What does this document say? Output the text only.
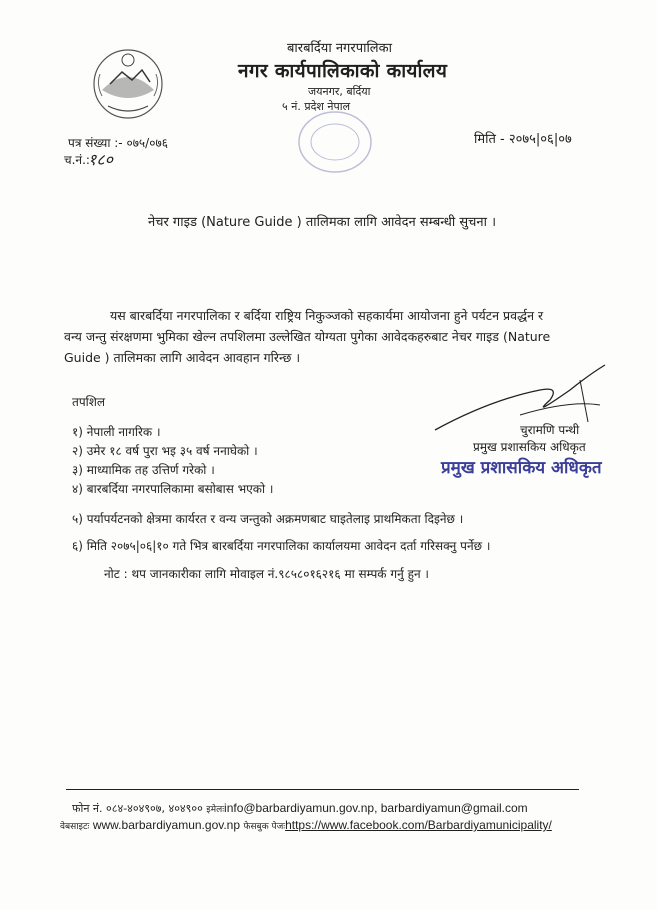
बारबर्दिया नगरपालिका
नगर कार्यपालिकाको कार्यालय
जयनगर, बर्दिया
५ नं. प्रदेश नेपाल
पत्र संख्या :- ०७५/०७६
च.नं.:
१८०
मिति - २०७५|०६|०७
नेचर गाइड (Nature Guide ) तालिमका लागि आवेदन सम्बन्धी सुचना ।
यस बारबर्दिया नगरपालिका र बर्दिया राष्ट्रिय निकुञ्जको सहकार्यमा आयोजना हुने पर्यटन प्रवर्द्धन र
वन्य जन्तु संरक्षणमा भुमिका खेल्न तपशिलमा उल्लेखित योग्यता पुगेका आवेदकहरुबाट नेचर गाइड (Nature
Guide ) तालिमका लागि आवेदन आवहान गरिन्छ ।
तपशिल
१) नेपाली नागरिक ।
२) उमेर १८ वर्ष पुरा भइ ३५ वर्ष ननाघेको ।
३) माध्यामिक तह उत्तिर्ण गरेको ।
४) बारबर्दिया नगरपालिकामा बसोबास भएको ।
५) पर्यापर्यटनको क्षेत्रमा कार्यरत र वन्य जन्तुको अक्रमणबाट घाइतेलाइ प्राथमिकता दिइनेछ ।
६) मिति २०७५|०६|१० गते भित्र बारबर्दिया नगरपालिका कार्यालयमा आवेदन दर्ता गरिसक्नु पर्नेछ ।
चुरामणि पन्थी
प्रमुख प्रशासकिय अधिकृत
प्रमुख प्रशासकिय अधिकृत
नोट : थप जानकारीका लागि मोवाइल नं.९८५८०१६२१६ मा सम्पर्क गर्नु हुन ।
फोन नं. ०८४-४०४९०७, ४०४९०० इमेलःinfo@barbardiyamun.gov.np, barbardiyamun@gmail.com
वेबसाइटः www.barbardiyamun.gov.np फेसबुक पेजःhttps://www.facebook.com/Barbardiyamunicipality/
